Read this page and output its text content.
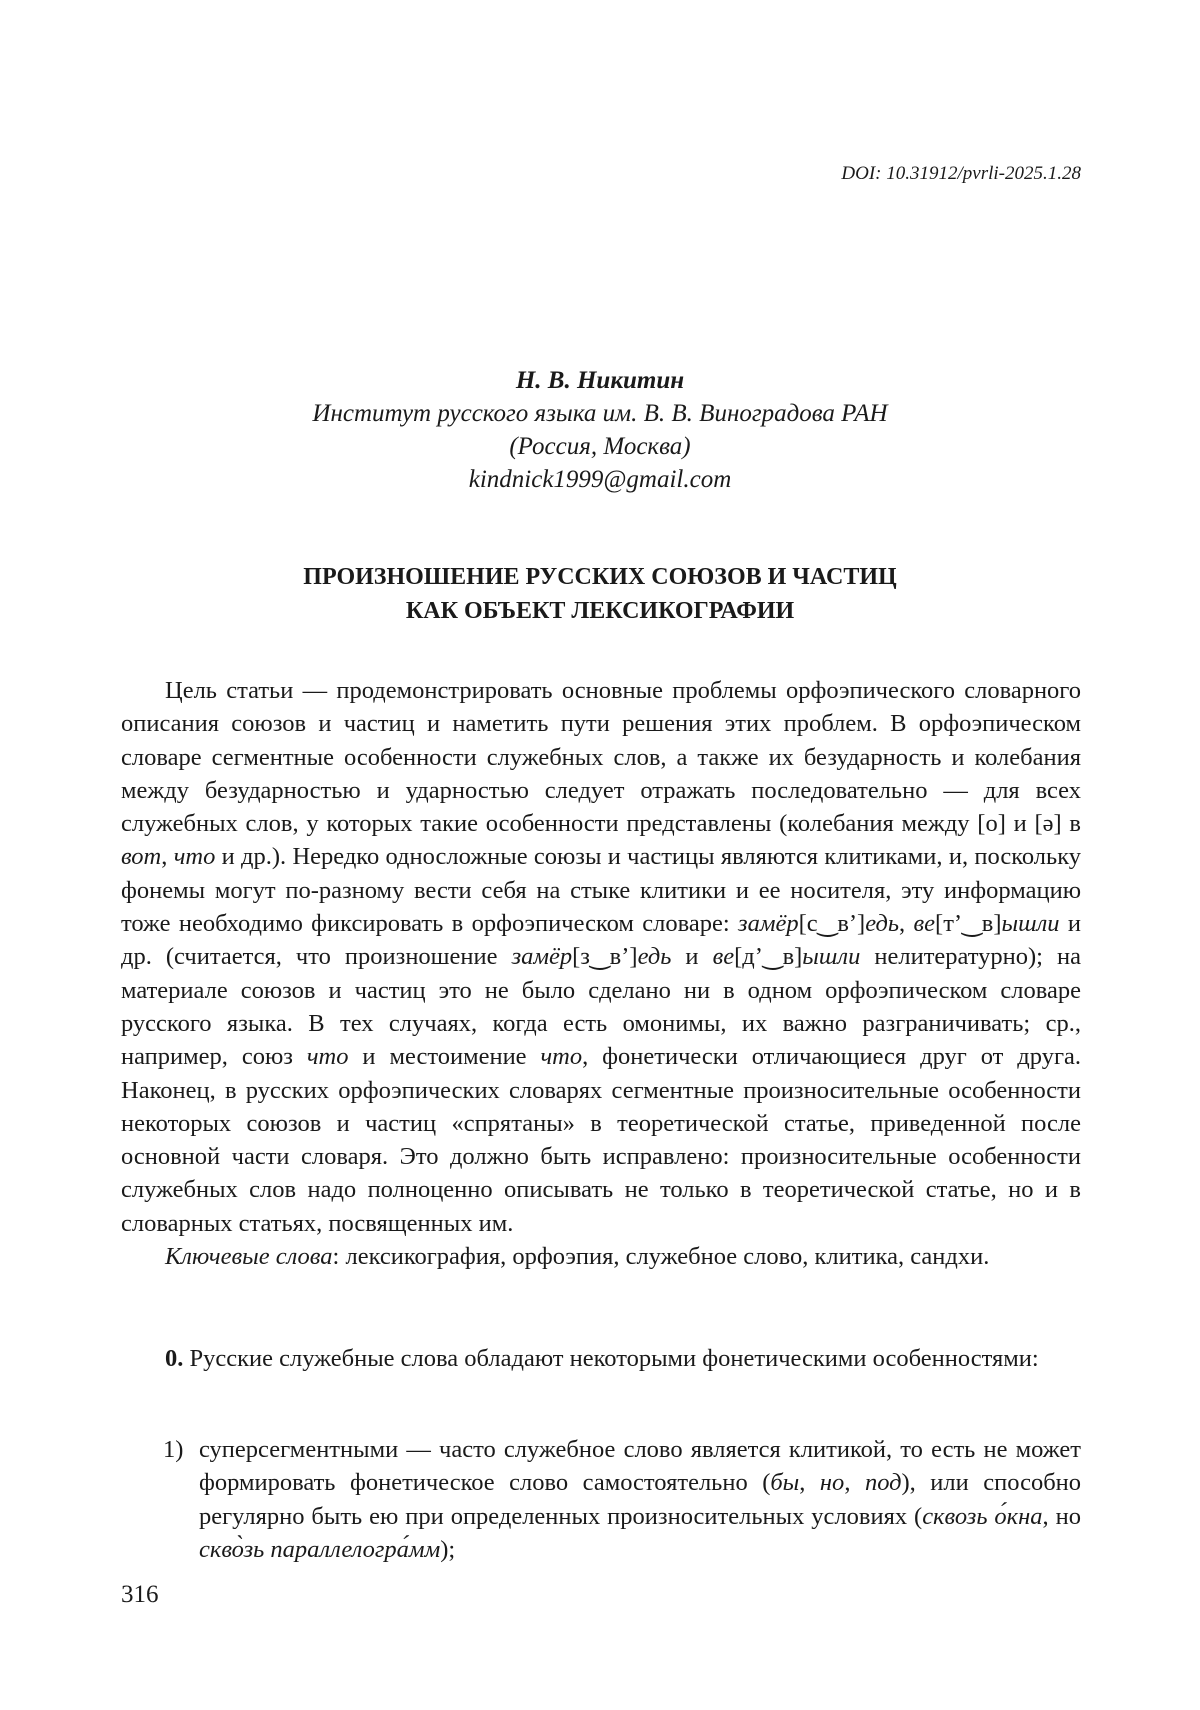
DOI: 10.31912/pvrli-2025.1.28
Н. В. Никитин
Институт русского языка им. В. В. Виноградова РАН
(Россия, Москва)
kindnick1999@gmail.com
ПРОИЗНОШЕНИЕ РУССКИХ СОЮЗОВ И ЧАСТИЦ
КАК ОБЪЕКТ ЛЕКСИКОГРАФИИ

Цель статьи — продемонстрировать основные проблемы орфоэпического словарного описания союзов и частиц и наметить пути решения этих проблем. В орфоэпическом словаре сегментные особенности служебных слов, а также их безударность и колебания между безударностью и ударностью следует отражать последовательно — для всех служебных слов, у которых такие особенности представлены (колебания между [о] и [ə] в вот, что и др.). Нередко односложные союзы и частицы являются клитиками, и, поскольку фонемы могут по-разному вести себя на стыке клитики и ее носителя, эту информацию тоже необходимо фиксировать в орфоэпическом словаре: замёр[с‿в’]едь, ве[т’‿в]ышли и др. (считается, что произношение замёр[з‿в’]едь и ве[д’‿в]ышли нелитературно); на материале союзов и частиц это не было сделано ни в одном орфоэпическом словаре русского языка. В тех случаях, когда есть омонимы, их важно разграничивать; ср., например, союз что и местоимение что, фонетически отличающиеся друг от друга. Наконец, в русских орфоэпических словарях сегментные произносительные особенности некоторых союзов и частиц «спрятаны» в теоретической статье, приведенной после основной части словаря. Это должно быть исправлено: произносительные особенности служебных слов надо полноценно описывать не только в теоретической статье, но и в словарных статьях, посвященных им.

Ключевые слова: лексикография, орфоэпия, служебное слово, клитика, сандхи.

0. Русские служебные слова обладают некоторыми фонетическими особенностями:

1) суперсегментными — часто служебное слово является клитикой, то есть не может формировать фонетическое слово самостоятельно (бы, но, под), или способно регулярно быть ею при определенных произносительных условиях (сквозь о́кна, но скво̀зь параллелогра́мм);
316
